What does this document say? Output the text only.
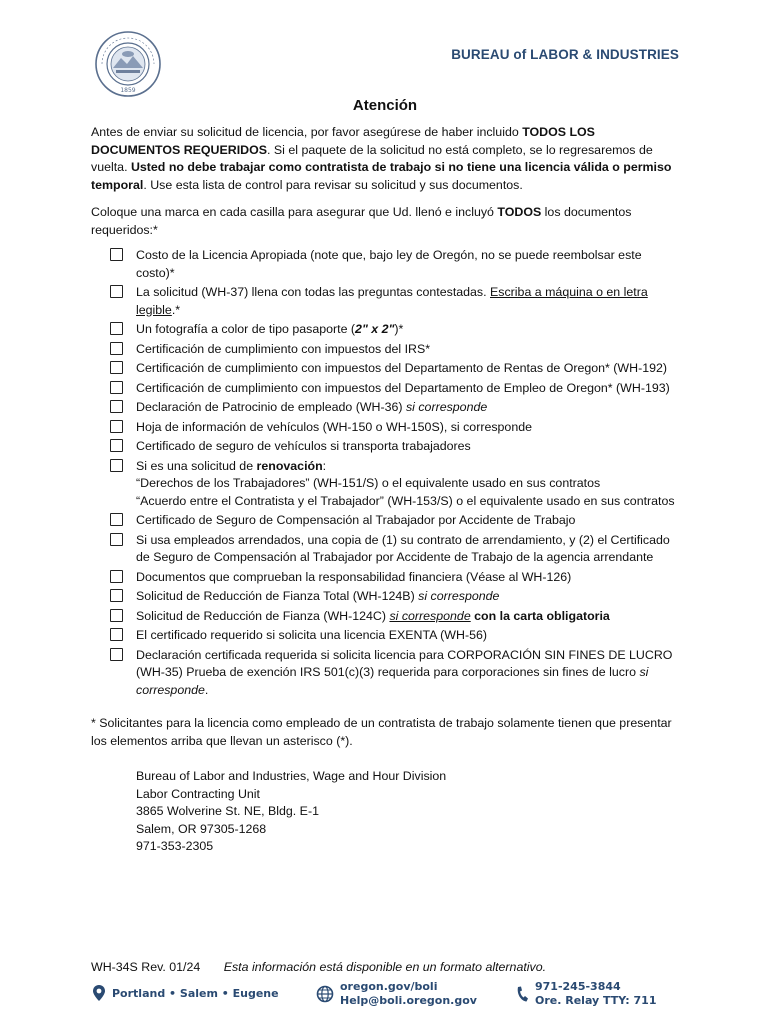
1859
BUREAU of LABOR & INDUSTRIES
Atención

Antes de enviar su solicitud de licencia, por favor asegúrese de haber incluido TODOS LOS DOCUMENTOS REQUERIDOS. Si el paquete de la solicitud no está completo, se lo regresaremos de vuelta. Usted no debe trabajar como contratista de trabajo si no tiene una licencia válida o permiso temporal. Use esta lista de control para revisar su solicitud y sus documentos.

Coloque una marca en cada casilla para asegurar que Ud. llenó e incluyó TODOS los documentos requeridos:*

Costo de la Licencia Apropiada (note que, bajo ley de Oregón, no se puede reembolsar este costo)*
La solicitud (WH-37) llena con todas las preguntas contestadas. Escriba a máquina o en letra legible.*
Un fotografía a color de tipo pasaporte (2" x 2")*
Certificación de cumplimiento con impuestos del IRS*
Certificación de cumplimiento con impuestos del Departamento de Rentas de Oregon* (WH-192)
Certificación de cumplimiento con impuestos del Departamento de Empleo de Oregon* (WH-193)
Declaración de Patrocinio de empleado (WH-36) si corresponde
Hoja de información de vehículos (WH-150 o WH-150S), si corresponde
Certificado de seguro de vehículos si transporta trabajadores
Si es una solicitud de renovación:
“Derechos de los Trabajadores” (WH-151/S) o el equivalente usado en sus contratos
“Acuerdo entre el Contratista y el Trabajador” (WH-153/S) o el equivalente usado en sus contratos
Certificado de Seguro de Compensación al Trabajador por Accidente de Trabajo
Si usa empleados arrendados, una copia de (1) su contrato de arrendamiento, y (2) el Certificado de Seguro de Compensación al Trabajador por Accidente de Trabajo de la agencia arrendante
Documentos que comprueban la responsabilidad financiera (Véase al WH-126)
Solicitud de Reducción de Fianza Total (WH-124B) si corresponde
Solicitud de Reducción de Fianza (WH-124C) si corresponde con la carta obligatoria
El certificado requerido si solicita una licencia EXENTA (WH-56)
Declaración certificada requerida si solicita licencia para CORPORACIÓN SIN FINES DE LUCRO (WH-35) Prueba de exención IRS 501(c)(3) requerida para corporaciones sin fines de lucro si corresponde.

* Solicitantes para la licencia como empleado de un contratista de trabajo solamente tienen que presentar los elementos arriba que llevan un asterisco (*).

Bureau of Labor and Industries, Wage and Hour Division
Labor Contracting Unit
3865 Wolverine St. NE, Bldg. E-1
Salem, OR 97305-1268
971-353-2305
WH-34S Rev. 01/24 Esta información está disponible en un formato alternativo.
Portland • Salem • Eugene	oregon.gov/boli
Help@boli.oregon.gov
971-245-3844
Ore. Relay TTY: 711
